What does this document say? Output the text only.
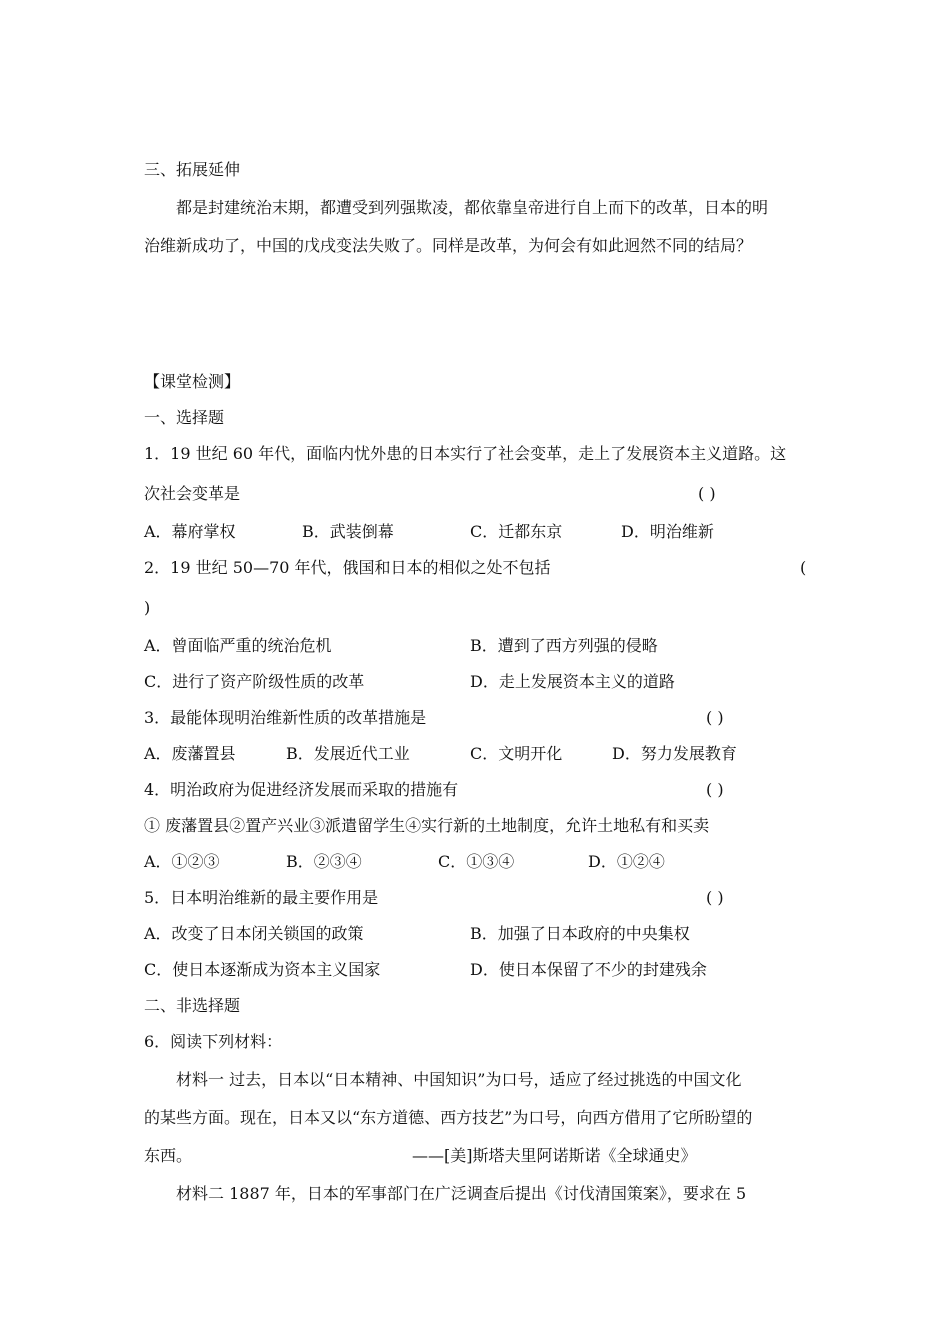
三、拓展延伸
都是封建统治末期，都遭受到列强欺凌，都依靠皇帝进行自上而下的改革，日本的明
治维新成功了，中国的戊戌变法失败了。同样是改革，为何会有如此迥然不同的结局？
【课堂检测】
一、选择题
1．19 世纪 60 年代，面临内忧外患的日本实行了社会变革，走上了发展资本主义道路。这
次社会变革是	( )
A．幕府掌权	B．武装倒幕	C．迁都东京	D．明治维新
2．19 世纪 50—70 年代，俄国和日本的相似之处不包括	(
)
A．曾面临严重的统治危机	B．遭到了西方列强的侵略
C．进行了资产阶级性质的改革	D．走上发展资本主义的道路
3．最能体现明治维新性质的改革措施是	( )
A．废藩置县	B．发展近代工业	C．文明开化	D．努力发展教育
4．明治政府为促进经济发展而采取的措施有	( )
① 废藩置县②置产兴业③派遣留学生④实行新的土地制度，允许土地私有和买卖
A．①②③	B．②③④	C．①③④	D．①②④
5．日本明治维新的最主要作用是	( )
A．改变了日本闭关锁国的政策	B．加强了日本政府的中央集权
C．使日本逐渐成为资本主义国家	D．使日本保留了不少的封建残余
二、非选择题
6．阅读下列材料：
材料一 过去，日本以“日本精神、中国知识”为口号，适应了经过挑选的中国文化
的某些方面。现在，日本又以“东方道德、西方技艺”为口号，向西方借用了它所盼望的
东西。	——[美]斯塔夫里阿诺斯诺《全球通史》
材料二 1887 年，日本的军事部门在广泛调查后提出《讨伐清国策案》，要求在 5
